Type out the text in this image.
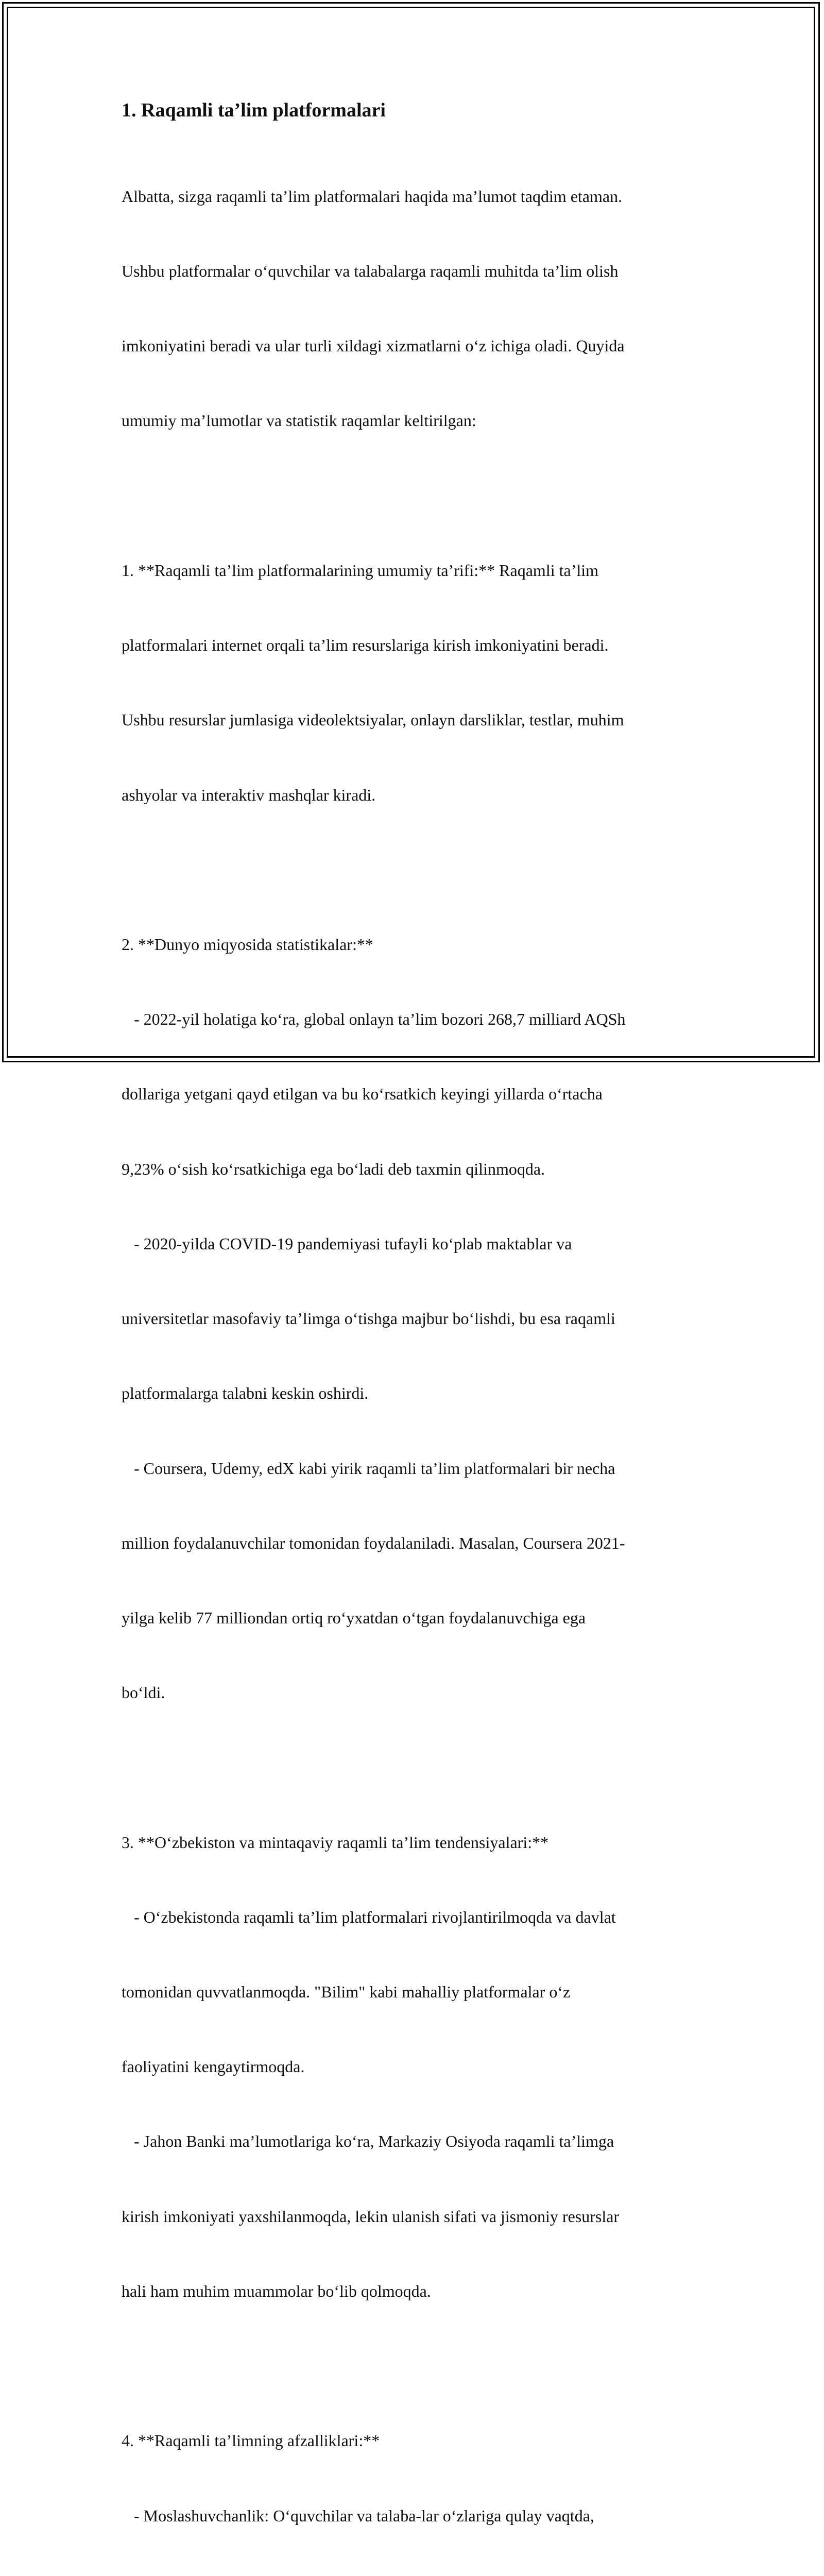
1. Raqamli ta’lim platformalari

Albatta, sizga raqamli ta’lim platformalari haqida ma’lumot taqdim etaman.

Ushbu platformalar o‘quvchilar va talabalarga raqamli muhitda ta’lim olish

imkoniyatini beradi va ular turli xildagi xizmatlarni o‘z ichiga oladi. Quyida

umumiy ma’lumotlar va statistik raqamlar keltirilgan:

1. **Raqamli ta’lim platformalarining umumiy ta’rifi:** Raqamli ta’lim

platformalari internet orqali ta’lim resurslariga kirish imkoniyatini beradi.

Ushbu resurslar jumlasiga videolektsiyalar, onlayn darsliklar, testlar, muhim

ashyolar va interaktiv mashqlar kiradi.

2. **Dunyo miqyosida statistikalar:**

- 2022-yil holatiga ko‘ra, global onlayn ta’lim bozori 268,7 milliard AQSh

dollariga yetgani qayd etilgan va bu ko‘rsatkich keyingi yillarda o‘rtacha

9,23% o‘sish ko‘rsatkichiga ega bo‘ladi deb taxmin qilinmoqda.

- 2020-yilda COVID-19 pandemiyasi tufayli ko‘plab maktablar va

universitetlar masofaviy ta’limga o‘tishga majbur bo‘lishdi, bu esa raqamli

platformalarga talabni keskin oshirdi.

- Coursera, Udemy, edX kabi yirik raqamli ta’lim platformalari bir necha

million foydalanuvchilar tomonidan foydalaniladi. Masalan, Coursera 2021-

yilga kelib 77 milliondan ortiq ro‘yxatdan o‘tgan foydalanuvchiga ega

bo‘ldi.

3. **O‘zbekiston va mintaqaviy raqamli ta’lim tendensiyalari:**

- O‘zbekistonda raqamli ta’lim platformalari rivojlantirilmoqda va davlat

tomonidan quvvatlanmoqda. "Bilim" kabi mahalliy platformalar o‘z

faoliyatini kengaytirmoqda.

- Jahon Banki ma’lumotlariga ko‘ra, Markaziy Osiyoda raqamli ta’limga

kirish imkoniyati yaxshilanmoqda, lekin ulanish sifati va jismoniy resurslar

hali ham muhim muammolar bo‘lib qolmoqda.

4. **Raqamli ta’limning afzalliklari:**

- Moslashuvchanlik: O‘quvchilar va talaba-lar o‘zlariga qulay vaqtda,
